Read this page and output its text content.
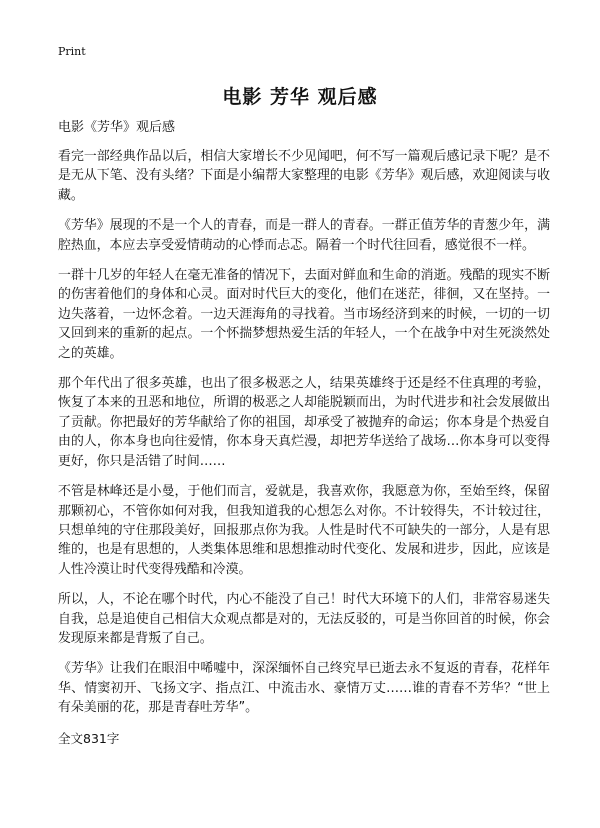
Print
电影 芳华 观后感
电影《芳华》观后感

看完一部经典作品以后，相信大家增长不少见闻吧，何不写一篇观后感记录下呢？是不是无从下笔、没有头绪？下面是小编帮大家整理的电影《芳华》观后感，欢迎阅读与收藏。

《芳华》展现的不是一个人的青春，而是一群人的青春。一群正值芳华的青葱少年，满腔热血，本应去享受爱情萌动的心悸而忐忑。隔着一个时代往回看，感觉很不一样。

一群十几岁的年轻人在毫无准备的情况下，去面对鲜血和生命的消逝。残酷的现实不断的伤害着他们的身体和心灵。面对时代巨大的变化，他们在迷茫，徘徊，又在坚持。一边失落着，一边怀念着。一边天涯海角的寻找着。当市场经济到来的时候，一切的一切又回到来的重新的起点。一个怀揣梦想热爱生活的年轻人，一个在战争中对生死淡然处之的英雄。

那个年代出了很多英雄，也出了很多极恶之人，结果英雄终于还是经不住真理的考验，恢复了本来的丑恶和地位，所谓的极恶之人却能脱颖而出，为时代进步和社会发展做出了贡献。你把最好的芳华献给了你的祖国，却承受了被抛弃的命运；你本身是个热爱自由的人，你本身也向往爱情，你本身天真烂漫，却把芳华送给了战场…你本身可以变得更好，你只是活错了时间……

不管是林峰还是小曼，于他们而言，爱就是，我喜欢你，我愿意为你，至始至终，保留那颗初心，不管你如何对我，但我知道我的心想怎么对你。不计较得失，不计较过往，只想单纯的守住那段美好，回报那点你为我。人性是时代不可缺失的一部分，人是有思维的，也是有思想的，人类集体思维和思想推动时代变化、发展和进步，因此，应该是人性冷漠让时代变得残酷和冷漠。

所以，人，不论在哪个时代，内心不能没了自己！时代大环境下的人们，非常容易迷失自我，总是追使自己相信大众观点都是对的，无法反驳的，可是当你回首的时候，你会发现原来都是背叛了自己。

《芳华》让我们在眼泪中唏嘘中，深深缅怀自己终究早已逝去永不复返的青春，花样年华、情窦初开、飞扬文字、指点江、中流击水、豪情万丈……谁的青春不芳华？“世上有朵美丽的花，那是青春吐芳华”。

全文831字
